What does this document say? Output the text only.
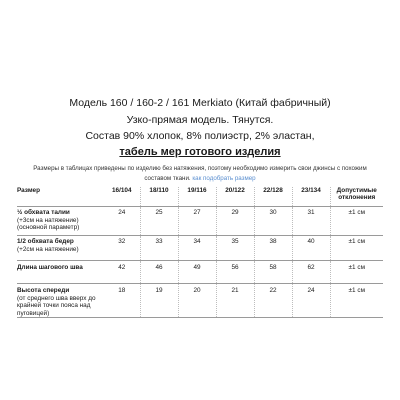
Модель 160 / 160-2 / 161 Merkiato (Китай фабричный)
Узко-прямая модель. Тянутся.
Состав 90% хлопок, 8% полиэстр, 2% эластан,
табель мер готового изделия
Размеры в таблицах приведены по изделию без натяжения, поэтому необходимо измерить свои джинсы с похожим
составом ткани. как подобрать размер
Размер	16/104	18/110	19/116	20/122	22/128	23/134	Допустимые
отклонения
½ обхвата талии
(+3см на натяжение)
(основной параметр)	24	25	27	29	30	31	±1 см
1/2 обхвата бедер
(+2см на натяжение)	32	33	34	35	38	40	±1 см
Длина шагового шва	42	46	49	56	58	62	±1 см
Высота спереди
(от среднего шва вверх до
крайней точки пояса над
пуговицей)	18	19	20	21	22	24	±1 см
